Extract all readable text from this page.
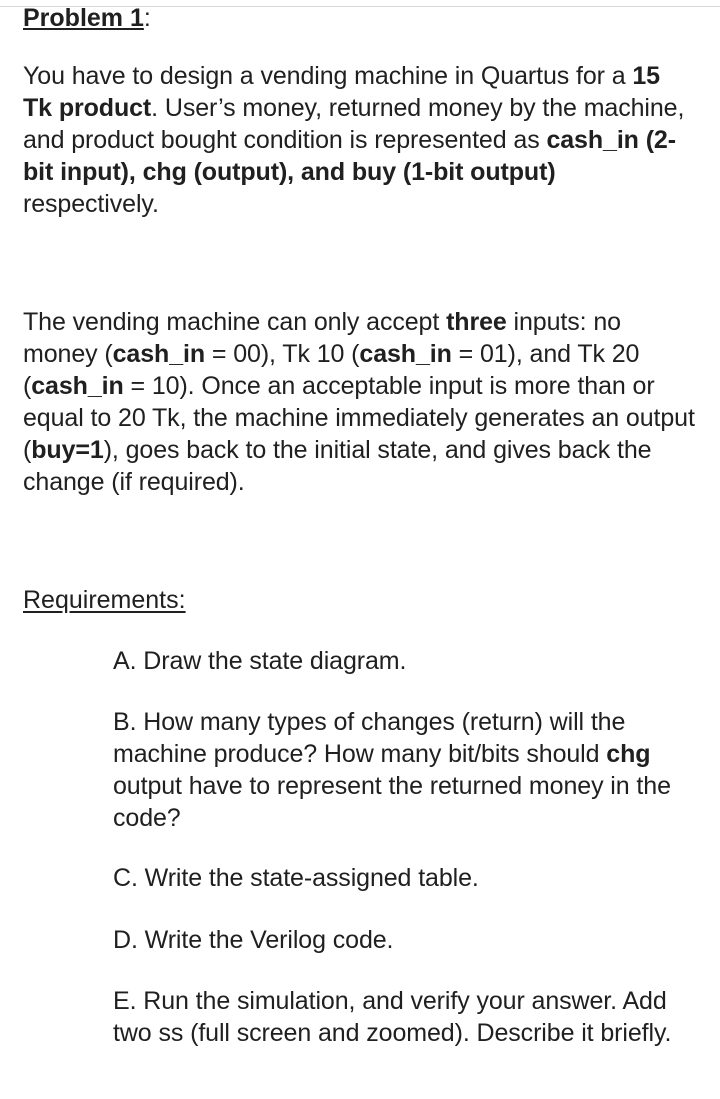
Problem 1:

You have to design a vending machine in Quartus for a 15 Tk product. User’s money, returned money by the machine, and product bought condition is represented as cash_in (2-bit input), chg (output), and buy (1-bit output) respectively.

The vending machine can only accept three inputs: no money (cash_in = 00), Tk 10 (cash_in = 01), and Tk 20 (cash_in = 10). Once an acceptable input is more than or equal to 20 Tk, the machine immediately generates an output (buy=1), goes back to the initial state, and gives back the change (if required).

Requirements:

A. Draw the state diagram.

B. How many types of changes (return) will the machine produce? How many bit/bits should chg output have to represent the returned money in the code?

C. Write the state-assigned table.

D. Write the Verilog code.

E. Run the simulation, and verify your answer. Add two ss (full screen and zoomed). Describe it briefly.
